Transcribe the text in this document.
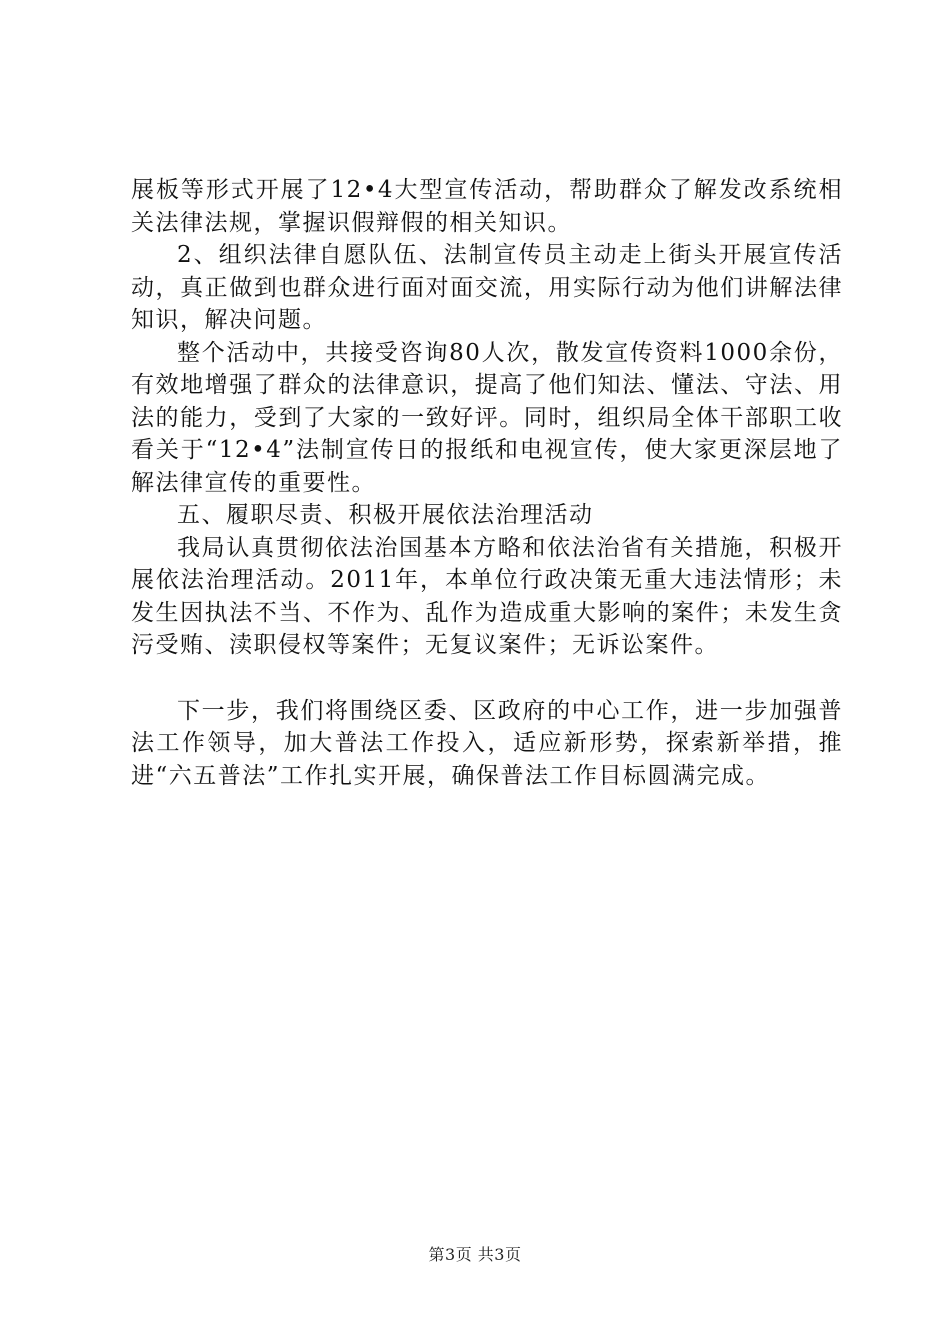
展板等形式开展了12•4大型宣传活动，帮助群众了解发改系统相关法律法规，掌握识假辩假的相关知识。

2、组织法律自愿队伍、法制宣传员主动走上街头开展宣传活动，真正做到也群众进行面对面交流，用实际行动为他们讲解法律知识，解决问题。

整个活动中，共接受咨询80人次，散发宣传资料1000余份，有效地增强了群众的法律意识，提高了他们知法、懂法、守法、用法的能力，受到了大家的一致好评。同时，组织局全体干部职工收看关于“12•4”法制宣传日的报纸和电视宣传，使大家更深层地了解法律宣传的重要性。

五、履职尽责、积极开展依法治理活动

我局认真贯彻依法治国基本方略和依法治省有关措施，积极开展依法治理活动。2011年，本单位行政决策无重大违法情形；未发生因执法不当、不作为、乱作为造成重大影响的案件；未发生贪污受贿、渎职侵权等案件；无复议案件；无诉讼案件。

下一步，我们将围绕区委、区政府的中心工作，进一步加强普法工作领导，加大普法工作投入，适应新形势，探索新举措，推进“六五普法”工作扎实开展，确保普法工作目标圆满完成。

第3页 共3页
